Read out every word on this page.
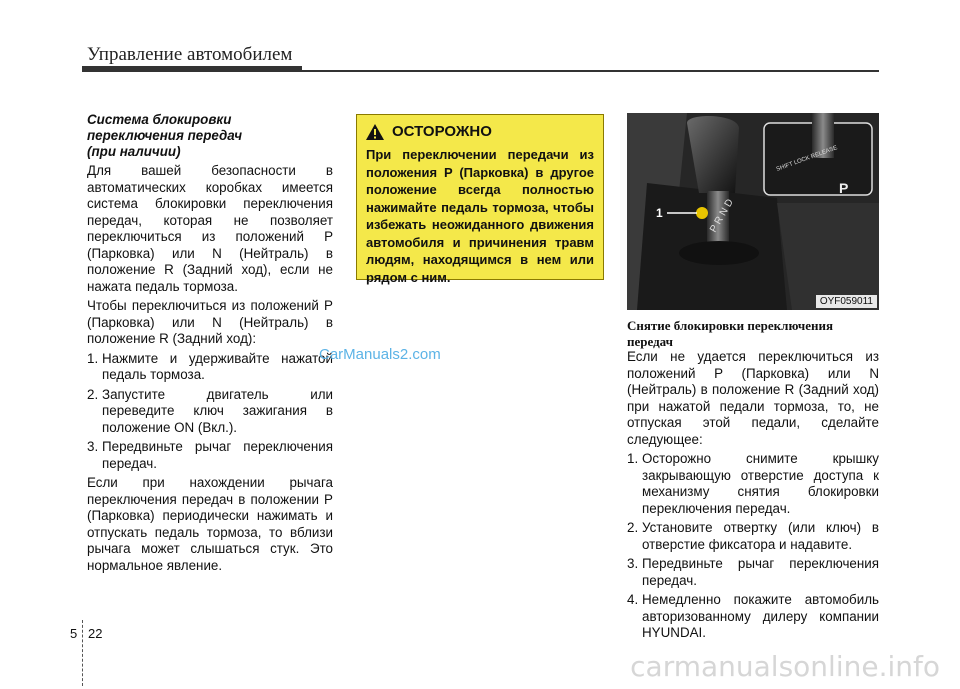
Управление автомобилем
Система блокировки
переключения передач
(при наличии)

Для вашей безопасности в автоматических коробках имеется система блокировки переключения передач, которая не позволяет переключиться из положений P (Парковка) или N (Нейтраль) в положение R (Задний ход), если не нажата педаль тормоза.

Чтобы переключиться из положений P (Парковка) или N (Нейтраль) в положение R (Задний ход):

1. Нажмите и удерживайте нажатой педаль тормоза.
2. Запустите двигатель или переведите ключ зажигания в положение ON (Вкл.).
3. Передвиньте рычаг переключения передач.

Если при нахождении рычага переключения передач в положении P (Парковка) периодически нажимать и отпускать педаль тормоза, то вблизи рычага может слышаться стук. Это нормальное явление.

CarManuals2.com
ОСТОРОЖНО
При переключении передачи из положения P (Парковка) в другое положение всегда полностью нажимайте педаль тормоза, чтобы избежать неожиданного движения автомобиля и причинения травм людям, находящимся в нем или рядом с ним.
P R N D
1
SHIFT LOCK RELEASE
P
OYF059011
Снятие блокировки переключения передач

Если не удается переключиться из положений P (Парковка) или N (Нейтраль) в положение R (Задний ход) при нажатой педали тормоза, то, не отпуская этой педали, сделайте следующее:

1. Осторожно снимите крышку закрывающую отверстие доступа к механизму снятия блокировки переключения передач.
2. Установите отвертку (или ключ) в отверстие фиксатора и надавите.
3. Передвиньте рычаг переключения передач.
4. Немедленно покажите автомобиль авторизованному дилеру компании HYUNDAI.
5 22
carmanualsonline.info
